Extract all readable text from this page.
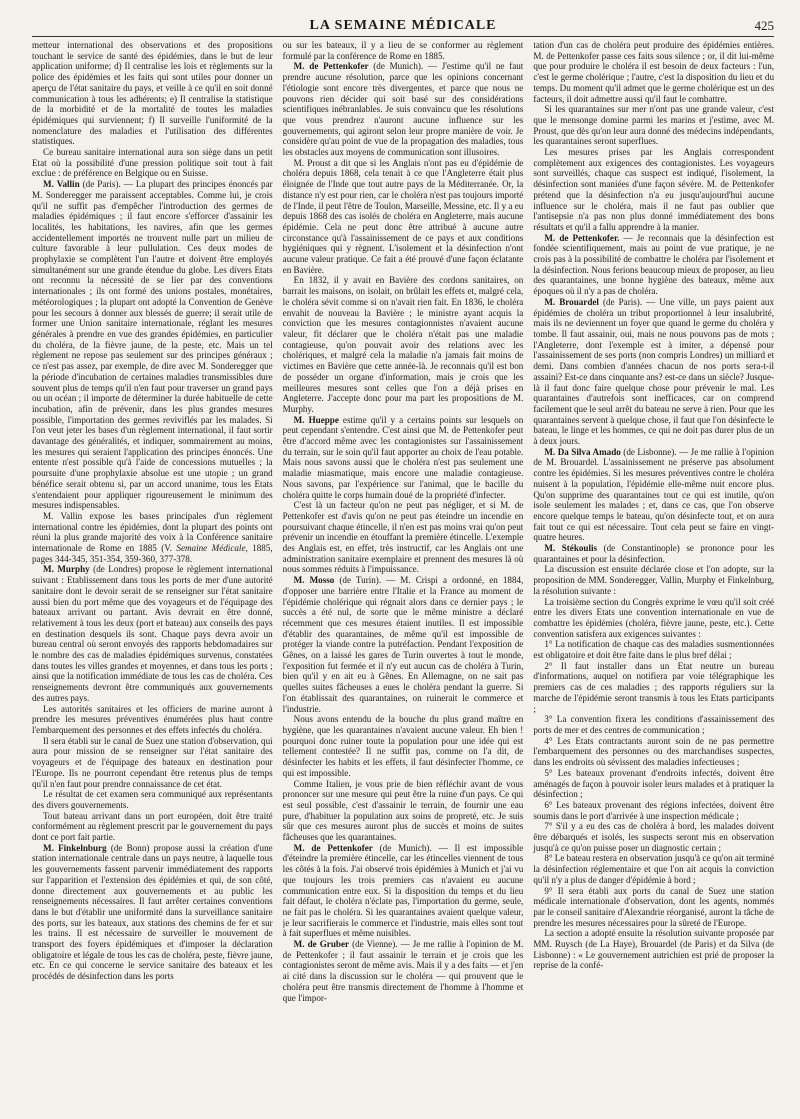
LA SEMAINE MÉDICALE	425

metteur international des observations et des propositions touchant le service de santé des épidémies, dans le but de leur application uniforme; d) Il centralise les lois et règlements sur la police des épidémies et les faits qui sont utiles pour donner un aperçu de l'état sanitaire du pays, et veille à ce qu'il en soit donné communication à tous les adhérents; e) Il centralise la statistique de la morbidité et de la mortalité de toutes les maladies épidémiques qui surviennent; f) Il surveille l'uniformité de la nomenclature des maladies et l'utilisation des différentes statistiques.

Ce bureau sanitaire international aura son siège dans un petit Etat où la possibilité d'une pression politique soit tout à fait exclue : de préférence en Belgique ou en Suisse.

M. Vallin (de Paris). — La plupart des principes énoncés par M. Sonderegger me paraissent acceptables. Comme lui, je crois qu'il ne suffit pas d'empêcher l'introduction des germes de maladies épidémiques ; il faut encore s'efforcer d'assainir les localités, les habitations, les navires, afin que les germes accidentellement importés ne trouvent nulle part un milieu de culture favorable à leur pullulation. Ces deux modes de prophylaxie se complètent l'un l'autre et doivent être employés simultanément sur une grande étendue du globe. Les divers Etats ont reconnu la nécessité de se lier par des conventions internationales ; ils ont formé des unions postales, monétaires, météorologiques ; la plupart ont adopté la Convention de Genève pour les secours à donner aux blessés de guerre; il serait utile de former une Union sanitaire internationale, réglant les mesures générales à prendre en vue des grandes épidémies, en particulier du choléra, de la fièvre jaune, de la peste, etc. Mais un tel règlement ne repose pas seulement sur des principes généraux ; ce n'est pas assez, par exemple, de dire avec M. Sonderegger que la période d'incubation de certaines maladies transmissibles dure souvent plus de temps qu'il n'en faut pour traverser un grand pays ou un océan ; il importe de déterminer la durée habituelle de cette incubation, afin de prévenir, dans les plus grandes mesures possible, l'importation des germes reviviflés par les malades. Si l'on veut jeter les bases d'un règlement international, il faut sortir davantage des généralités, et indiquer, sommairement au moins, les mesures qui seraient l'application des principes énoncés. Une entente n'est possible qu'à l'aide de concessions mutuelles ; la poursuite d'une prophylaxie absolue est une utopie ; un grand bénéfice serait obtenu si, par un accord unanime, tous les Etats s'entendaient pour appliquer rigoureusement le minimum des mesures indispensables.

M. Vallin expose les bases principales d'un règlement international contre les épidémies, dont la plupart des points ont réuni la plus grande majorité des voix à la Conférence sanitaire internationale de Rome en 1885 (V. Semaine Médicale, 1885, pages 344-345, 351-354, 359-360, 377-378.

M. Murphy (de Londres) propose le règlement international suivant : Etablissement dans tous les ports de mer d'une autorité sanitaire dont le devoir serait de se renseigner sur l'état sanitaire aussi bien du port même que des voyageurs et de l'équipage des bateaux arrivant ou partant. Avis devrait en être donné, relativement à tous les deux (port et bateau) aux conseils des pays en destination desquels ils sont. Chaque pays devra avoir un bureau central où seront envoyés des rapports hebdomadaires sur le nombre des cas de maladies épidémiques survenus, constatées dans toutes les villes grandes et moyennes, et dans tous les ports ; ainsi que la notification immédiate de tous les cas de choléra. Ces renseignements devront être communiqués aux gouvernements des autres pays.

Les autorités sanitaires et les officiers de marine auront à prendre les mesures préventives énumérées plus haut contre l'embarquement des personnes et des effets infectés du choléra.

Il sera établi sur le canal de Suez une station d'observation, qui aura pour mission de se renseigner sur l'état sanitaire des voyageurs et de l'équipage des bateaux en destination pour l'Europe. Ils ne pourront cependant être retenus plus de temps qu'il n'en faut pour prendre connaissance de cet état.

Le résultat de cet examen sera communiqué aux représentants des divers gouvernements.

Tout bateau arrivant dans un port européen, doit être traité conformément au règlement prescrit par le gouvernement du pays dont ce port fait partie.

M. Finkelnburg (de Bonn) propose aussi la création d'une station internationale centrale dans un pays neutre, à laquelle tous les gouvernements fassent parvenir immédiatement des rapports sur l'apparition et l'extension des épidémies et qui, de son côté, donne directement aux gouvernements et au public les renseignements nécessaires. Il faut arrêter certaines conventions dans le but d'établir une uniformité dans la surveillance sanitaire des ports, sur les bateaux, aux stations des chemins de fer et sur les trains. Il est nécessaire de surveiller le mouvement de transport des foyers épidémiques et d'imposer la déclaration obligatoire et légale de tous les cas de choléra, peste, fièvre jaune, etc. En ce qui concerne le service sanitaire des bateaux et les procédés de désinfection dans les ports

ou sur les bateaux, il y a lieu de se conformer au règlement formulé par la conférence de Rome en 1885.

M. de Pettenkofer (de Munich). — J'estime qu'il ne faut prendre aucune résolution, parce que les opinions concernant l'étiologie sont encore très divergentes, et parce que nous ne pouvons rien décider qui soit basé sur des considérations scientifiques inébranlables. Je suis convaincu que les résolutions que vous prendrez n'auront aucune influence sur les gouvernements, qui agiront selon leur propre manière de voir. Je considère qu'au point de vue de la propagation des maladies, tous les obstacles aux moyens de communication sont illusoires.

M. Proust a dit que si les Anglais n'ont pas eu d'épidémie de choléra depuis 1868, cela tenait à ce que l'Angleterre était plus éloignée de l'Inde que tout autre pays de la Méditerranée. Or, la distance n'y est pour rien, car le choléra n'est pas toujours importé de l'Inde, il peut l'être de Toulon, Marseille, Messine, etc. Il y a eu depuis 1868 des cas isolés de choléra en Angleterre, mais aucune épidémie. Cela ne peut donc être attribué à aucune autre circonstance qu'à l'assainissement de ce pays et aux conditions hygiéniques qui y règnent. L'isolement et la désinfection n'ont aucune valeur pratique. Ce fait a été prouvé d'une façon éclatante en Bavière.

En 1832, il y avait en Bavière des cordons sanitaires, on barrait les maisons, on isolait, on brûlait les effets et, malgré cela, le choléra sévit comme si on n'avait rien fait. En 1836, le choléra envahit de nouveau la Bavière ; le ministre ayant acquis la conviction que les mesures contagionnistes n'avaient aucune valeur, fit déclarer que le choléra n'était pas une maladie contagieuse, qu'on pouvait avoir des relations avec les cholériques, et malgré cela la maladie n'a jamais fait moins de victimes en Bavière que cette année-là. Je reconnais qu'il est bon de posséder un organe d'information, mais je crois que les meilleures mesures sont celles que l'on a déjà prises en Angleterre. J'accepte donc pour ma part les propositions de M. Murphy.

M. Hueppe estime qu'il y a certains points sur lesquels on peut cependant s'entendre. C'est ainsi que M. de Pettenkofer peut être d'accord même avec les contagionistes sur l'assainissement du terrain, sur le soin qu'il faut apporter au choix de l'eau potable. Mais nous savons aussi que le choléra n'est pas seulement une maladie miasmatique, mais encore une maladie contagieuse. Nous savons, par l'expérience sur l'animal, que le bacille du choléra quitte le corps humain doué de la propriété d'infecter.

C'est là un facteur qu'on ne peut pas négliger, et si M. de Pettenkofer est d'avis qu'on ne peut pas éteindre un incendie en poursuivant chaque étincelle, il n'en est pas moins vrai qu'on peut prévenir un incendie en étouffant la première étincelle. L'exemple des Anglais est, en effet, très instructif, car les Anglais ont une administration sanitaire exemplaire et prennent des mesures là où nous sommes réduits à l'impuissance.

M. Mosso (de Turin). — M. Crispi a ordonné, en 1884, d'opposer une barrière entre l'Italie et la France au moment de l'épidémie cholérique qui régnait alors dans ce dernier pays ; le succès a été nul, de sorte que le même ministre a déclaré récemment que ces mesures étaient inutiles. Il est impossible d'établir des quarantaines, de même qu'il est impossible de protéger la viande contre la putréfaction. Pendant l'exposition de Gênes, on a laissé les gares de Turin ouvertes à tout le monde, l'exposition fut fermée et il n'y eut aucun cas de choléra à Turin, bien qu'il y en ait eu à Gênes. En Allemagne, on ne sait pas quelles suites fâcheuses a eues le choléra pendant la guerre. Si l'on établissait des quarantaines, on ruinerait le commerce et l'industrie.

Nous avons entendu de la bouche du plus grand maître en hygiène, que les quarantaines n'avaient aucune valeur. Eh bien ! pourquoi donc ruiner toute la population pour une idée qui est tellement contestée? Il ne suffit pas, comme on l'a dit, de désinfecter les habits et les effets, il faut désinfecter l'homme, ce qui est impossible.

Comme Italien, je vous prie de bien réfléchir avant de vous prononcer sur une mesure qui peut être la ruine d'un pays. Ce qui est seul possible, c'est d'assainir le terrain, de fournir une eau pure, d'habituer la population aux soins de propreté, etc. Je suis sûr que ces mesures auront plus de succès et moins de suites fâcheuses que les quarantaines.

M. de Pettenkofer (de Munich). — Il est impossible d'éteindre la première étincelle, car les étincelles viennent de tous les côtés à la fois. J'ai observé trois épidémies à Munich et j'ai vu que toujours les trois premiers cas n'avaient eu aucune communication entre eux. Si la disposition du temps et du lieu fait défaut, le choléra n'éclate pas, l'importation du germe, seule, ne fait pas le choléra. Si les quarantaines avaient quelque valeur, je leur sacrifierais le commerce et l'industrie, mais elles sont tout à fait superflues et même nuisibles.

M. de Gruber (de Vienne). — Je me rallie à l'opinion de M. de Pettenkofer ; il faut assainir le terrain et je crois que les contagionistes seront de même avis. Mais il y a des faits — et j'en ai cité dans la discussion sur le choléra — qui prouvent que le choléra peut être transmis directement de l'homme à l'homme et que l'impor-

tation d'un cas de choléra peut produire des épidémies entières. M. de Pettenkofer passe ces faits sous silence ; or, il dit lui-même que pour produire le choléra il est besoin de deux facteurs : l'un, c'est le germe cholérique ; l'autre, c'est la disposition du lieu et du temps. Du moment qu'il admet que le germe cholérique est un des facteurs, il doit admettre aussi qu'il faut le combattre.

Si les quarantaines sur mer n'ont pas une grande valeur, c'est que le mensonge domine parmi les marins et j'estime, avec M. Proust, que dès qu'on leur aura donné des médecins indépendants, les quarantaines seront superflues.

Les mesures prises par les Anglais correspondent complètement aux exigences des contagionistes. Les voyageurs sont surveillés, chaque cas suspect est indiqué, l'isolement, la désinfection sont maniées d'une façon sévère. M. de Pettenkofer prétend que la désinfection n'a eu jusqu'aujourd'hui aucune influence sur le choléra, mais il ne faut pas oublier que l'antisepsie n'a pas non plus donné immédiatement des bons résultats et qu'il a fallu apprendre à la manier.

M. de Pettenkofer. — Je reconnais que la désinfection est fondée scientifiquement, mais au point de vue pratique, je ne crois pas à la possibilité de combattre le choléra par l'isolement et la désinfection. Nous ferions beaucoup mieux de proposer, au lieu des quarantaines, une bonne hygiène des bateaux, même aux époques où il n'y a pas de choléra.

M. Brouardel (de Paris). — Une ville, un pays paient aux épidémies de choléra un tribut proportionnel à leur insalubrité, mais ils ne deviennent un foyer que quand le germe du choléra y tombe. Il faut assainir, oui, mais ne nous pouvons pas de mots ; l'Angleterre, dont l'exemple est à imiter, a dépensé pour l'assainissement de ses ports (non compris Londres) un milliard et demi. Dans combien d'années chacun de nos ports sera-t-il assaini? Est-ce dans cinquante ans? est-ce dans un siècle? Jusque-là il faut donc faire quelque chose pour prévenir le mal. Les quarantaines d'autrefois sont inefficaces, car on comprend facilement que le seul arrêt du bateau ne serve à rien. Pour que les quarantaines servent à quelque chose, il faut que l'on désinfecte le bateau, le linge et les hommes, ce qui ne doit pas durer plus de un à deux jours.

M. Da Silva Amado (de Lisbonne). — Je me rallie à l'opinion de M. Brouardel. L'assainissement ne préserve pas absolument contre les épidémies. Si les mesures préventives contre le choléra nuisent à la population, l'épidémie elle-même nuit encore plus. Qu'on supprime des quarantaines tout ce qui est inutile, qu'on isole seulement les malades ; et, dans ce cas, que l'on observe encore quelque temps le bateau, qu'on désinfecte tout, et on aura fait tout ce qui est nécessaire. Tout cela peut se faire en vingt-quatre heures.

M. Stékoulis (de Constantinople) se prononce pour les quarantaines et pour la désinfection.

La discussion est ensuite déclarée close et l'on adopte, sur la proposition de MM. Sonderegger, Vallin, Murphy et Finkelnburg, la résolution suivante :

La troisième section du Congrès exprime le vœu qu'il soit créé entre les divers Etats une convention internationale en vue de combattre les épidémies (choléra, fièvre jaune, peste, etc.). Cette convention satisfera aux exigences suivantes :

1° La notification de chaque cas des maladies susmentionnées est obligatoire et doit être faite dans le plus bref délai ;

2° Il faut installer dans un Etat neutre un bureau d'informations, auquel on notifiera par voie télégraphique les premiers cas de ces maladies ; des rapports réguliers sur la marche de l'épidémie seront transmis à tous les Etats participants ;

3° La convention fixera les conditions d'assainissement des ports de mer et des centres de communication ;

4° Les Etats contractants auront soin de ne pas permettre l'embarquement des personnes ou des marchandises suspectes, dans les endroits où sévissent des maladies infectieuses ;

5° Les bateaux provenant d'endroits infectés, doivent être aménagés de façon à pouvoir isoler leurs malades et à pratiquer la désinfection ;

6° Les bateaux provenant des régions infectées, doivent être soumis dans le port d'arrivée à une inspection médicale ;

7° S'il y a eu des cas de choléra à bord, les malades doivent être débarqués et isolés, les suspects seront mis en observation jusqu'à ce qu'on puisse poser un diagnostic certain ;

8° Le bateau restera en observation jusqu'à ce qu'on ait terminé la désinfection réglementaire et que l'on ait acquis la conviction qu'il n'y a plus de danger d'épidémie à bord ;

9° Il sera établi aux ports du canal de Suez une station médicale internationale d'observation, dont les agents, nommés par le conseil sanitaire d'Alexandrie réorganisé, auront la tâche de prendre les mesures nécessaires pour la sûreté de l'Europe.

La section a adopté ensuite la résolution suivante proposée par MM. Ruysch (de La Haye), Brouardel (de Paris) et da Silva (de Lisbonne) : « Le gouvernement autrichien est prié de proposer la reprise de la confé-
